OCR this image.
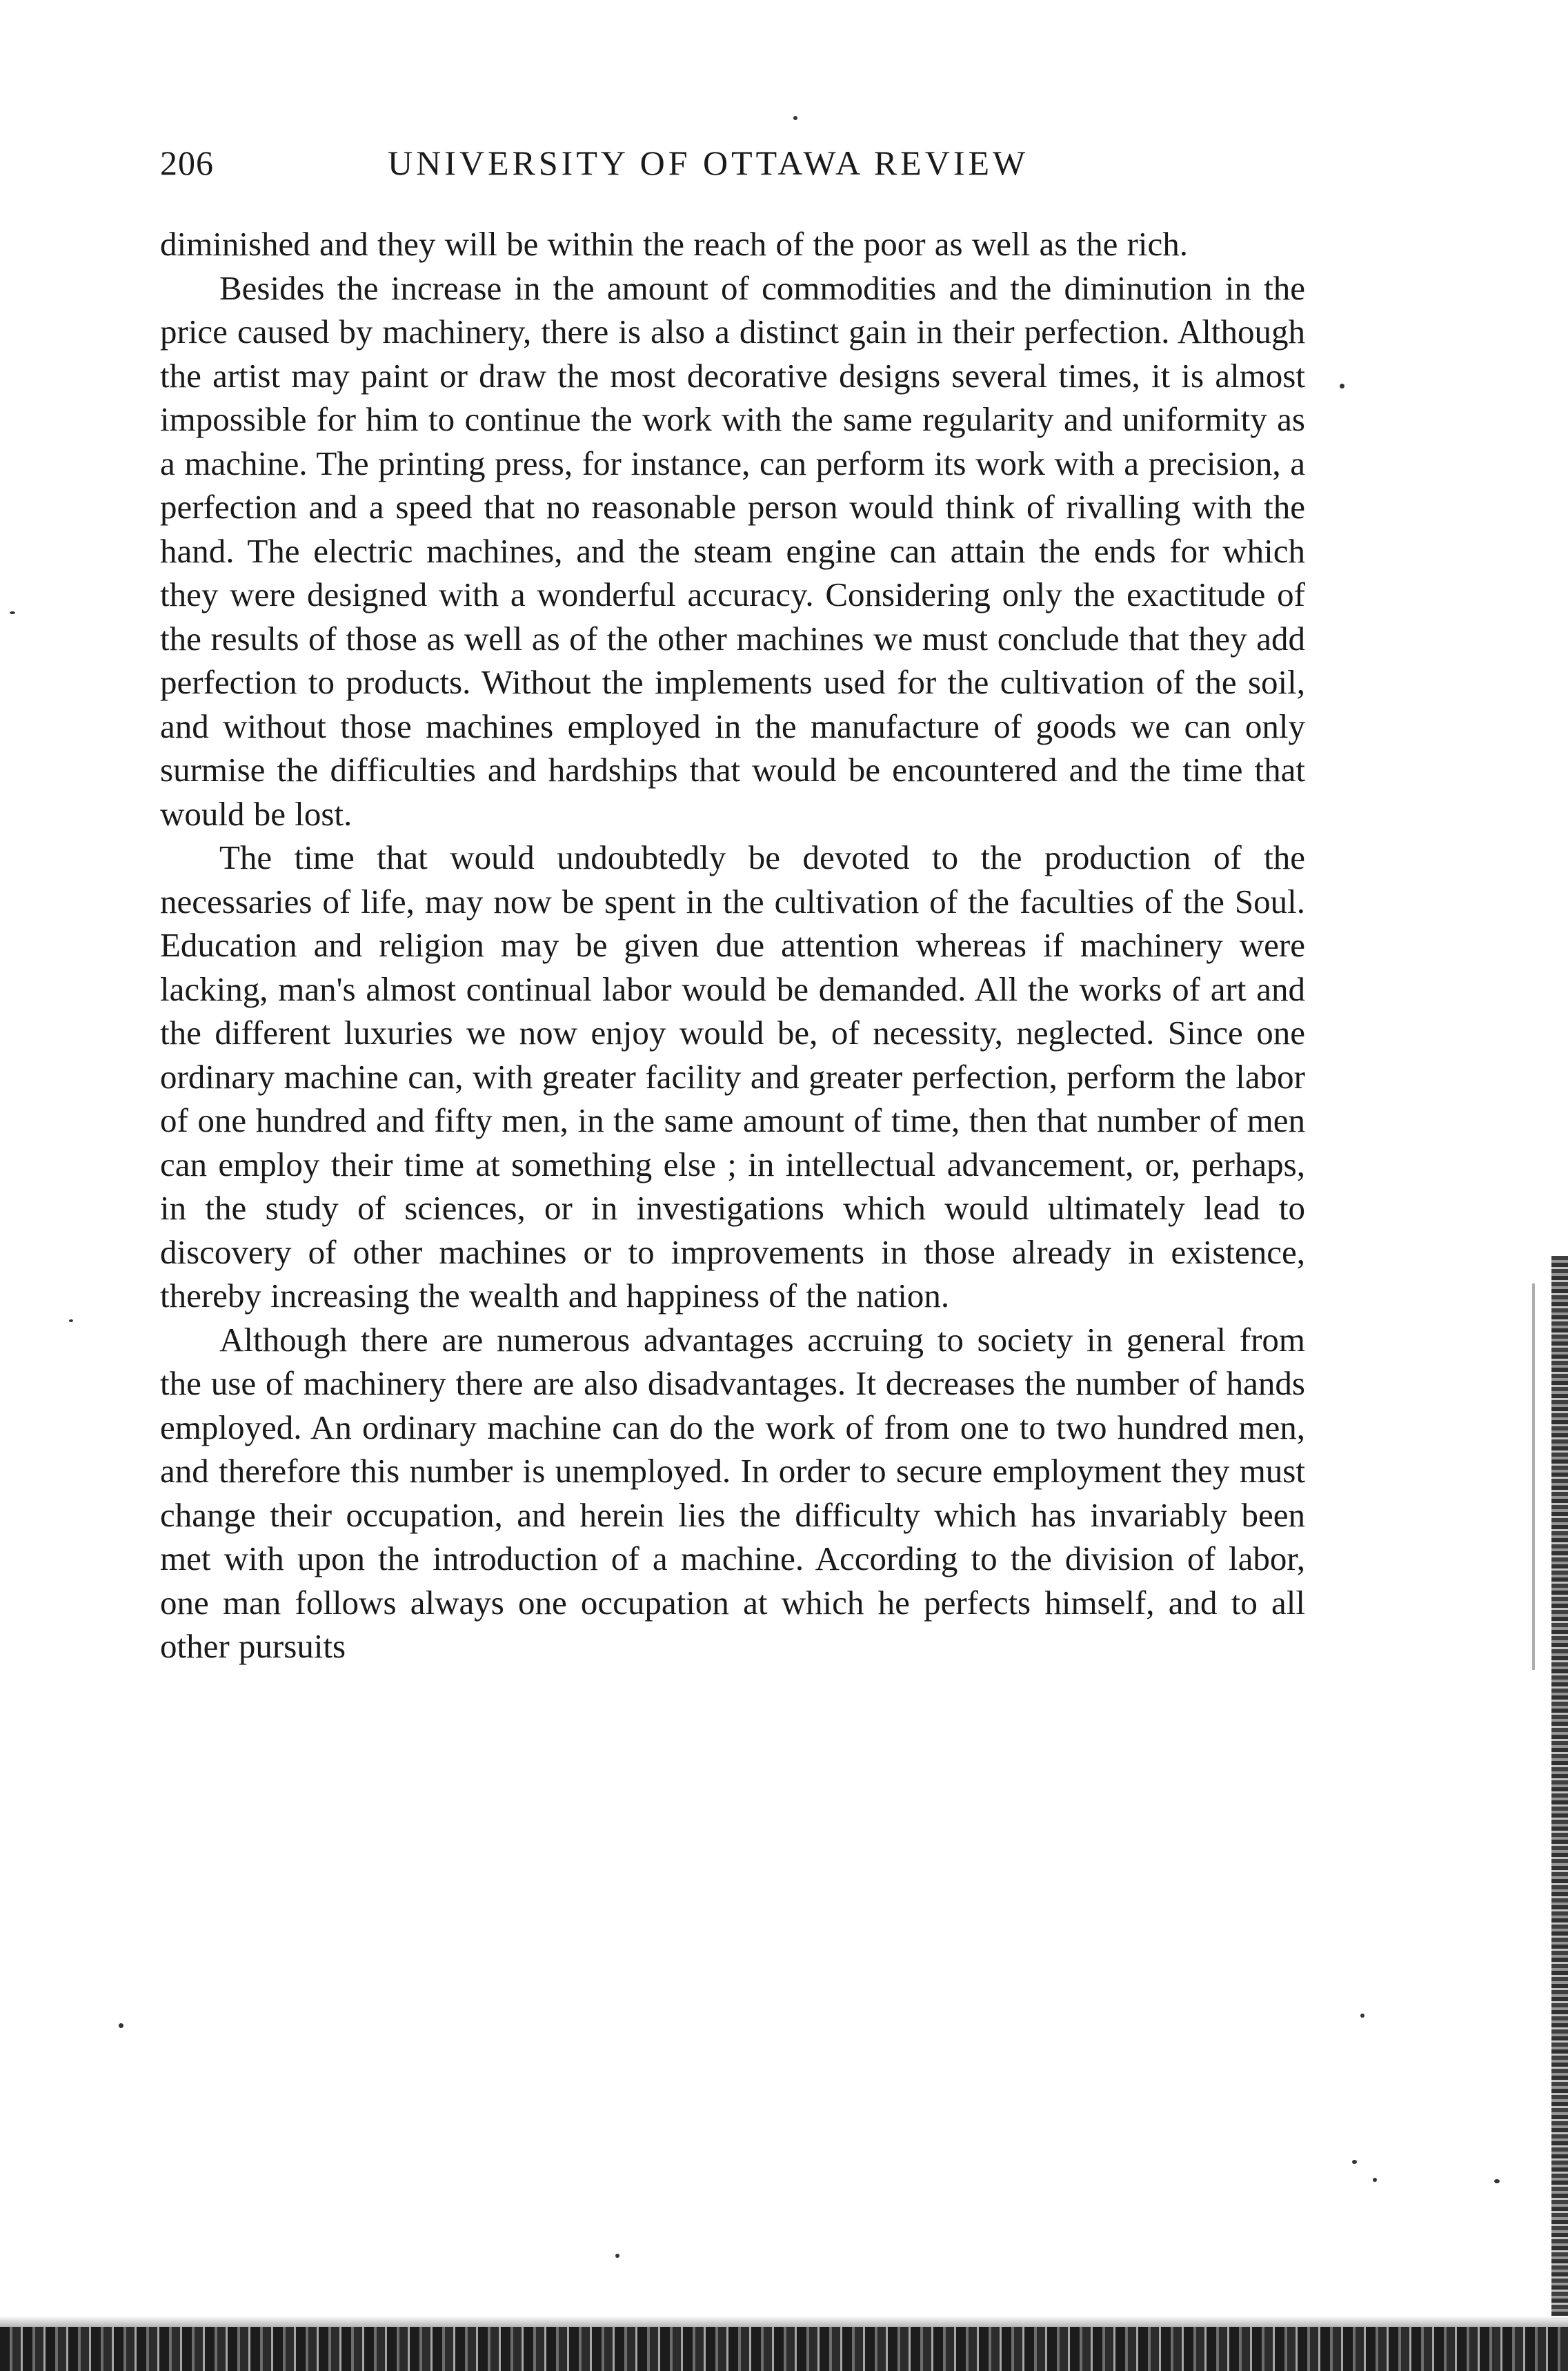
206	UNIVERSITY OF OTTAWA REVIEW

diminished and they will be within the reach of the poor as well as the rich.

Besides the increase in the amount of commodities and the diminution in the price caused by machinery, there is also a distinct gain in their perfection. Although the artist may paint or draw the most decorative designs several times, it is almost impossible for him to continue the work with the same regularity and uniformity as a machine. The printing press, for instance, can perform its work with a precision, a perfection and a speed that no reasonable person would think of rivalling with the hand. The electric machines, and the steam engine can attain the ends for which they were designed with a wonderful accuracy. Considering only the exactitude of the results of those as well as of the other machines we must conclude that they add perfection to products. Without the implements used for the cultivation of the soil, and without those machines employed in the manufacture of goods we can only surmise the difficulties and hardships that would be encountered and the time that would be lost.

The time that would undoubtedly be devoted to the production of the necessaries of life, may now be spent in the cultivation of the faculties of the Soul. Education and religion may be given due attention whereas if machinery were lacking, man's almost continual labor would be demanded. All the works of art and the different luxuries we now enjoy would be, of necessity, neglected. Since one ordinary machine can, with greater facility and greater perfection, perform the labor of one hundred and fifty men, in the same amount of time, then that number of men can employ their time at something else ; in intellectual advancement, or, perhaps, in the study of sciences, or in investigations which would ultimately lead to discovery of other machines or to improvements in those already in existence, thereby increasing the wealth and happiness of the nation.

Although there are numerous advantages accruing to society in general from the use of machinery there are also disadvantages. It decreases the number of hands employed. An ordinary machine can do the work of from one to two hundred men, and therefore this number is unemployed. In order to secure employment they must change their occupation, and herein lies the difficulty which has invariably been met with upon the introduction of a machine. According to the division of labor, one man follows always one occupation at which he perfects himself, and to all other pursuits
